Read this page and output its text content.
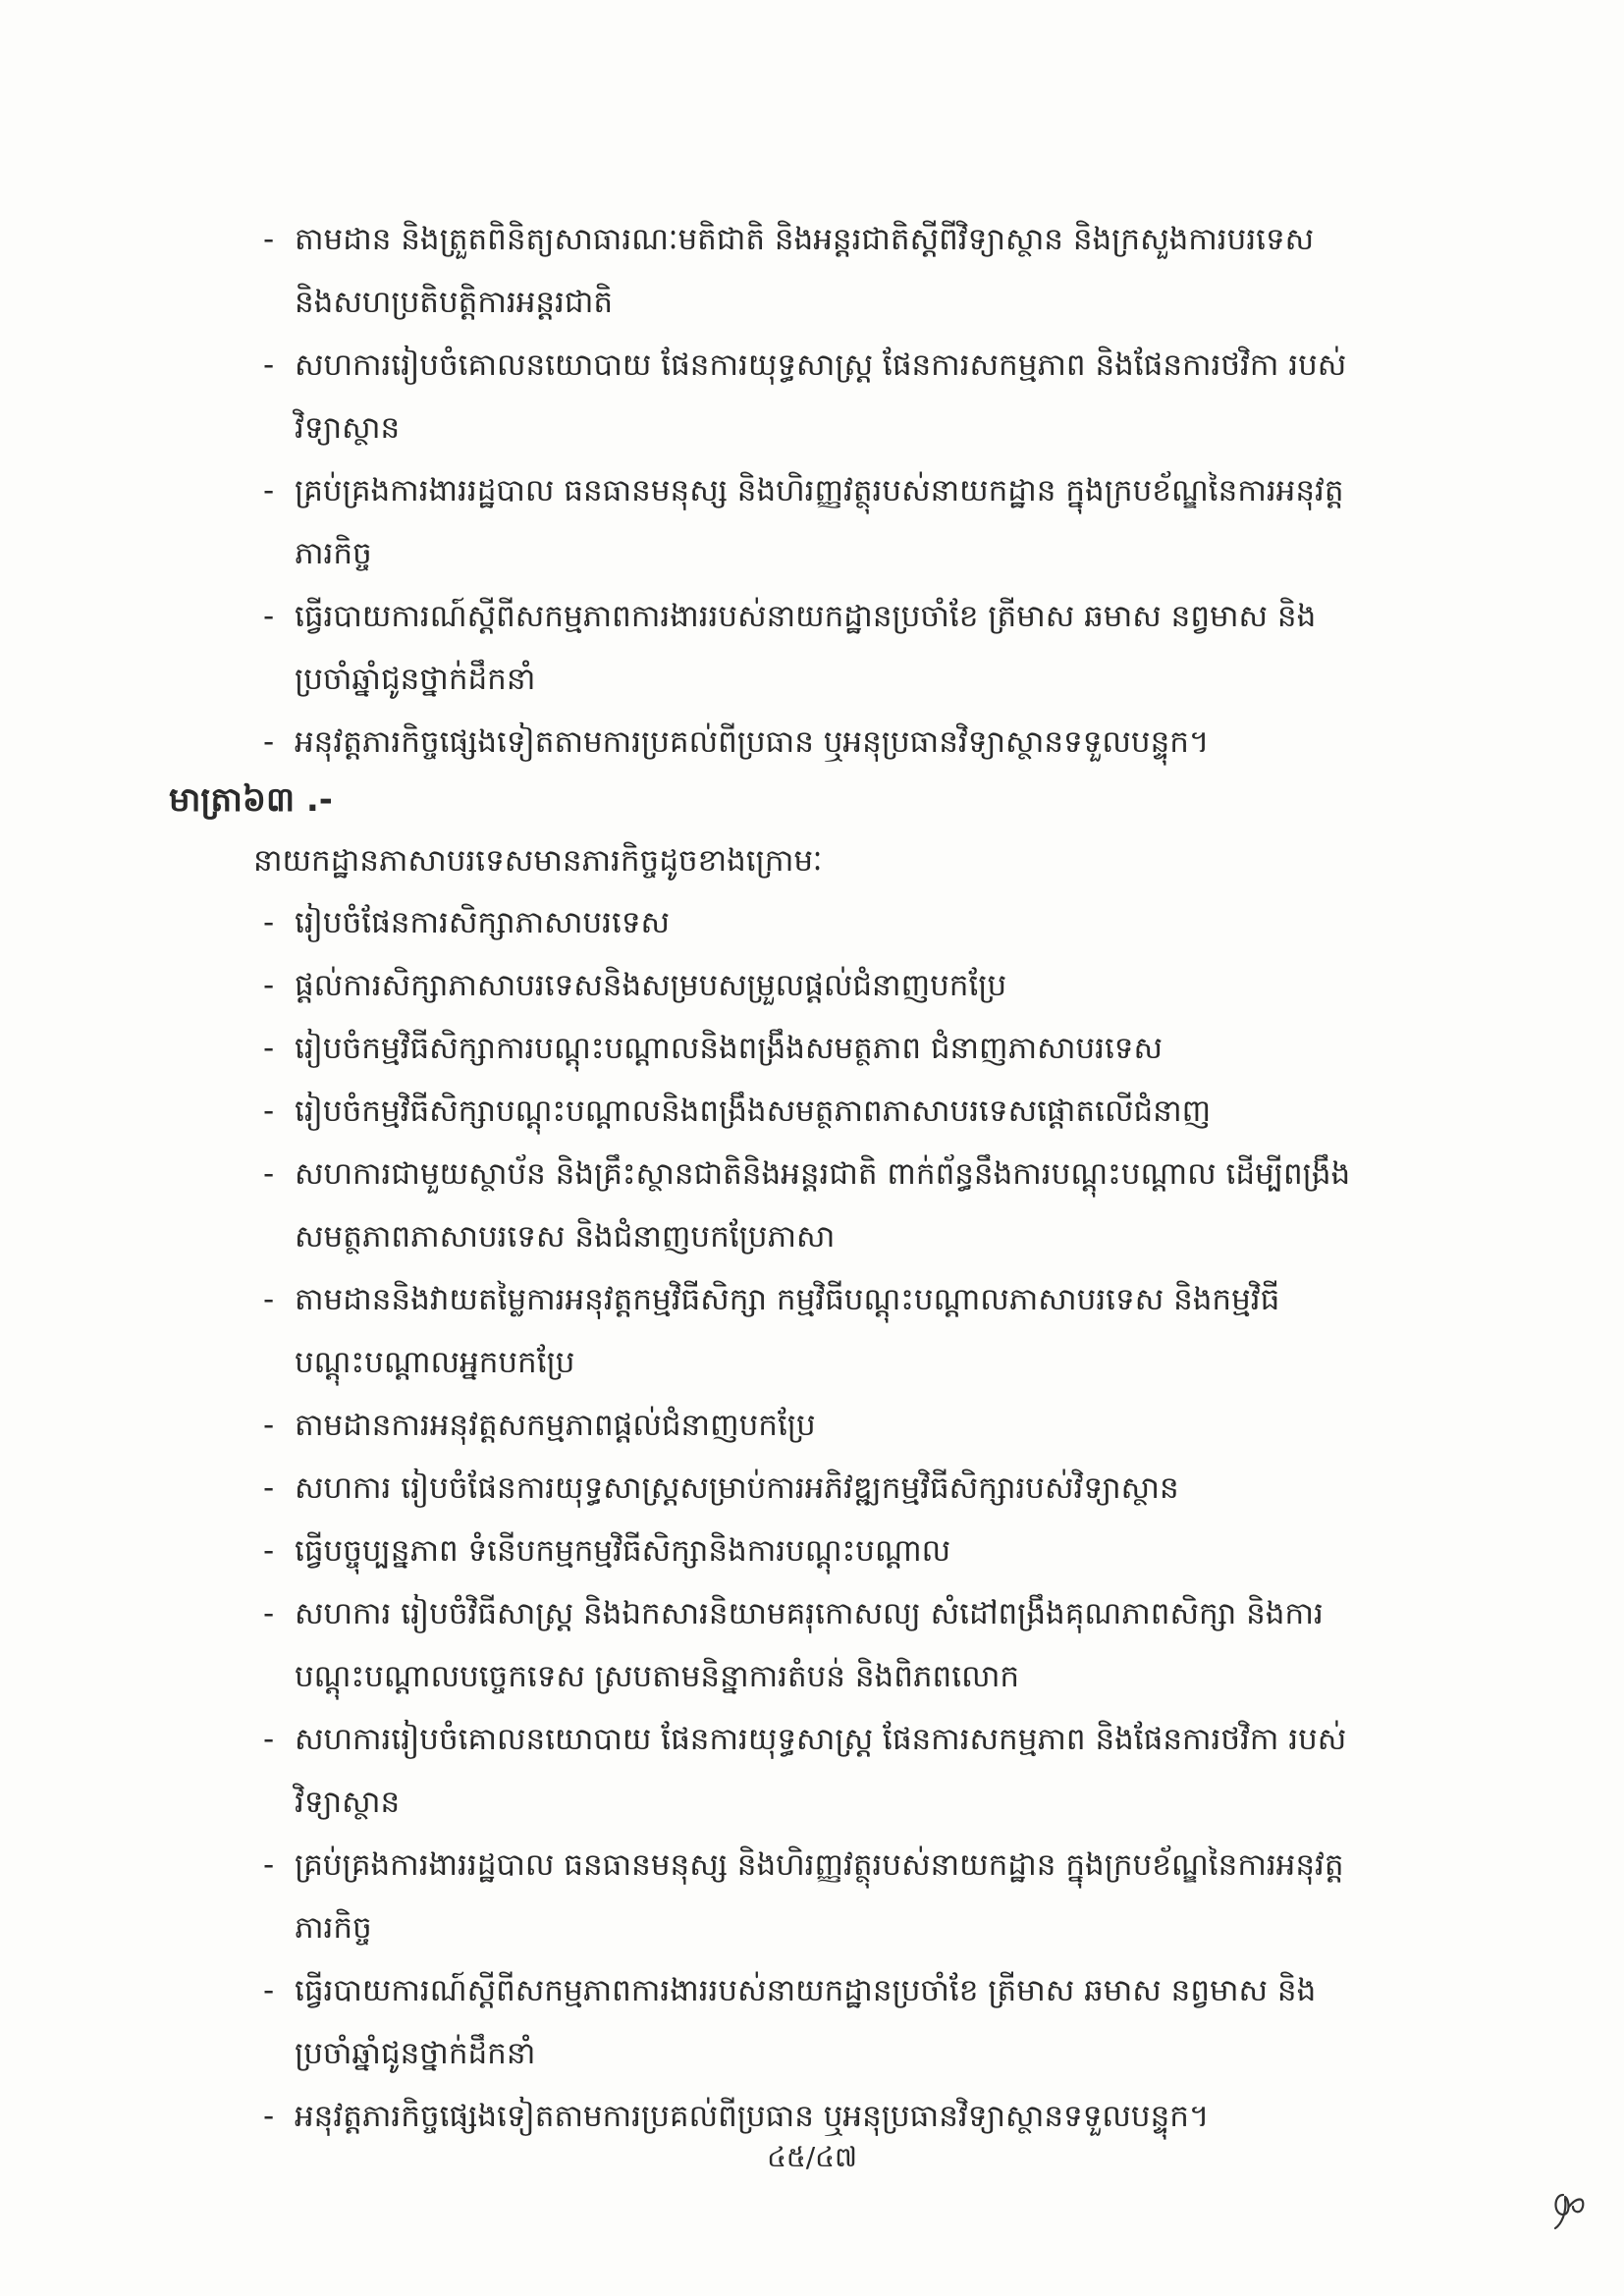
- តាមដាន និងត្រួតពិនិត្យសាធារណៈមតិជាតិ និងអន្តរជាតិស្តីពីវិទ្យាស្ថាន និងក្រសួងការបរទេស
និងសហប្រតិបត្តិការអន្តរជាតិ
- សហការរៀបចំគោលនយោបាយ ផែនការយុទ្ធសាស្ត្រ ផែនការសកម្មភាព និងផែនការថវិកា របស់
វិទ្យាស្ថាន
- គ្រប់គ្រងការងាររដ្ឋបាល ធនធានមនុស្ស និងហិរញ្ញវត្ថុរបស់នាយកដ្ឋាន ក្នុងក្របខ័ណ្ឌនៃការអនុវត្ត
ភារកិច្ច
- ធ្វើរបាយការណ៍ស្តីពីសកម្មភាពការងាររបស់នាយកដ្ឋានប្រចាំខែ ត្រីមាស ឆមាស នព្វមាស និង
ប្រចាំឆ្នាំជូនថ្នាក់ដឹកនាំ
- អនុវត្តភារកិច្ចផ្សេងទៀតតាមការប្រគល់ពីប្រធាន ឬអនុប្រធានវិទ្យាស្ថានទទួលបន្ទុក។
មាត្រា៦៣ .-
នាយកដ្ឋានភាសាបរទេសមានភារកិច្ចដូចខាងក្រោមៈ
- រៀបចំផែនការសិក្សាភាសាបរទេស
- ផ្តល់ការសិក្សាភាសាបរទេសនិងសម្របសម្រួលផ្តល់ជំនាញបកប្រែ
- រៀបចំកម្មវិធីសិក្សាការបណ្តុះបណ្តាលនិងពង្រឹងសមត្ថភាព ជំនាញភាសាបរទេស
- រៀបចំកម្មវិធីសិក្សាបណ្តុះបណ្តាលនិងពង្រឹងសមត្ថភាពភាសាបរទេសផ្តោតលើជំនាញ
- សហការជាមួយស្ថាប័ន និងគ្រឹះស្ថានជាតិនិងអន្តរជាតិ ពាក់ព័ន្ធនឹងការបណ្តុះបណ្តាល ដើម្បីពង្រឹង
សមត្ថភាពភាសាបរទេស និងជំនាញបកប្រែភាសា
- តាមដាននិងវាយតម្លៃការអនុវត្តកម្មវិធីសិក្សា កម្មវិធីបណ្តុះបណ្តាលភាសាបរទេស និងកម្មវិធី
បណ្តុះបណ្តាលអ្នកបកប្រែ
- តាមដានការអនុវត្តសកម្មភាពផ្តល់ជំនាញបកប្រែ
- សហការ រៀបចំផែនការយុទ្ធសាស្ត្រសម្រាប់ការអភិវឌ្ឍកម្មវិធីសិក្សារបស់វិទ្យាស្ថាន
- ធ្វើបច្ចុប្បន្នភាព ទំនើបកម្មកម្មវិធីសិក្សានិងការបណ្តុះបណ្តាល
- សហការ រៀបចំវិធីសាស្ត្រ និងឯកសារនិយាមគរុកោសល្យ សំដៅពង្រឹងគុណភាពសិក្សា និងការ
បណ្តុះបណ្តាលបច្ចេកទេស ស្របតាមនិន្នាការតំបន់ និងពិភពលោក
- សហការរៀបចំគោលនយោបាយ ផែនការយុទ្ធសាស្ត្រ ផែនការសកម្មភាព និងផែនការថវិកា របស់
វិទ្យាស្ថាន
- គ្រប់គ្រងការងាររដ្ឋបាល ធនធានមនុស្ស និងហិរញ្ញវត្ថុរបស់នាយកដ្ឋាន ក្នុងក្របខ័ណ្ឌនៃការអនុវត្ត
ភារកិច្ច
- ធ្វើរបាយការណ៍ស្តីពីសកម្មភាពការងាររបស់នាយកដ្ឋានប្រចាំខែ ត្រីមាស ឆមាស នព្វមាស និង
ប្រចាំឆ្នាំជូនថ្នាក់ដឹកនាំ
- អនុវត្តភារកិច្ចផ្សេងទៀតតាមការប្រគល់ពីប្រធាន ឬអនុប្រធានវិទ្យាស្ថានទទួលបន្ទុក។
៤៥/៤៧
